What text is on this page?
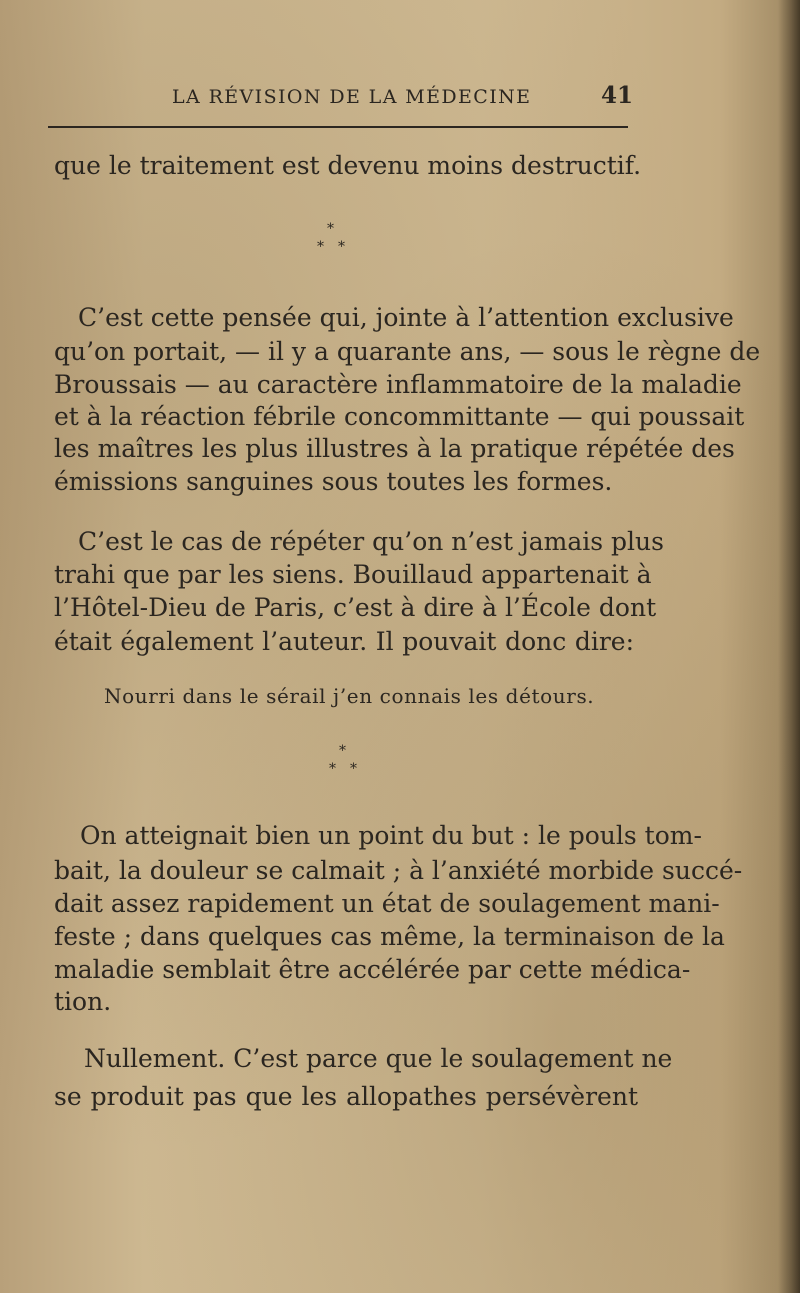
LA RÉVISION DE LA MÉDECINE	41
que le traitement est devenu moins destructif.
*
* *
C’est cette pensée qui, jointe à l’attention exclusive
qu’on portait, — il y a quarante ans, — sous le règne de
Broussais — au caractère inflammatoire de la maladie
et à la réaction fébrile concommittante — qui poussait
les maîtres les plus illustres à la pratique répétée des
émissions sanguines sous toutes les formes.
C’est le cas de répéter qu’on n’est jamais plus
trahi que par les siens. Bouillaud appartenait à
l’Hôtel-Dieu de Paris, c’est à dire à l’École dont
était également l’auteur. Il pouvait donc dire:
Nourri dans le sérail j’en connais les détours.
*
* *
On atteignait bien un point du but : le pouls tom-
bait, la douleur se calmait ; à l’anxiété morbide succé-
dait assez rapidement un état de soulagement mani-
feste ; dans quelques cas même, la terminaison de la
maladie semblait être accélérée par cette médica-
tion.
Nullement. C’est parce que le soulagement ne
se produit pas que les allopathes persévèrent
